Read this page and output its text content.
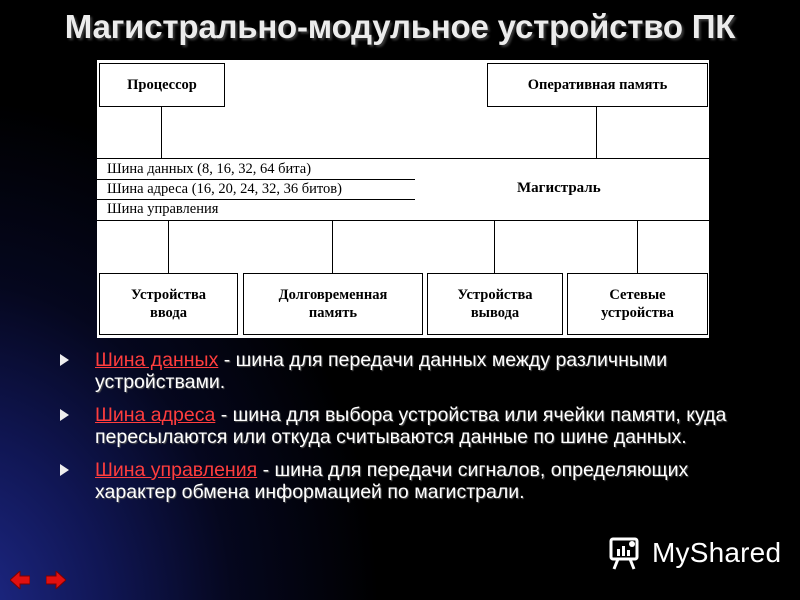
Магистрально-модульное устройство ПК
Процессор	Оперативная память
Шина данных (8, 16, 32, 64 бита)
Шина адреса (16, 20, 24, 32, 36 битов)
Шина управления
Магистраль
Устройства
ввода
Долговременная
память
Устройства
вывода
Сетевые
устройства
Шина данных - шина для передачи данных между различными устройствами.
Шина адреса - шина для выбора устройства или ячейки памяти, куда пересылаются или откуда считываются данные по шине данных.
Шина управления - шина для передачи сигналов, определяющих характер обмена информацией по магистрали.
MyShared
